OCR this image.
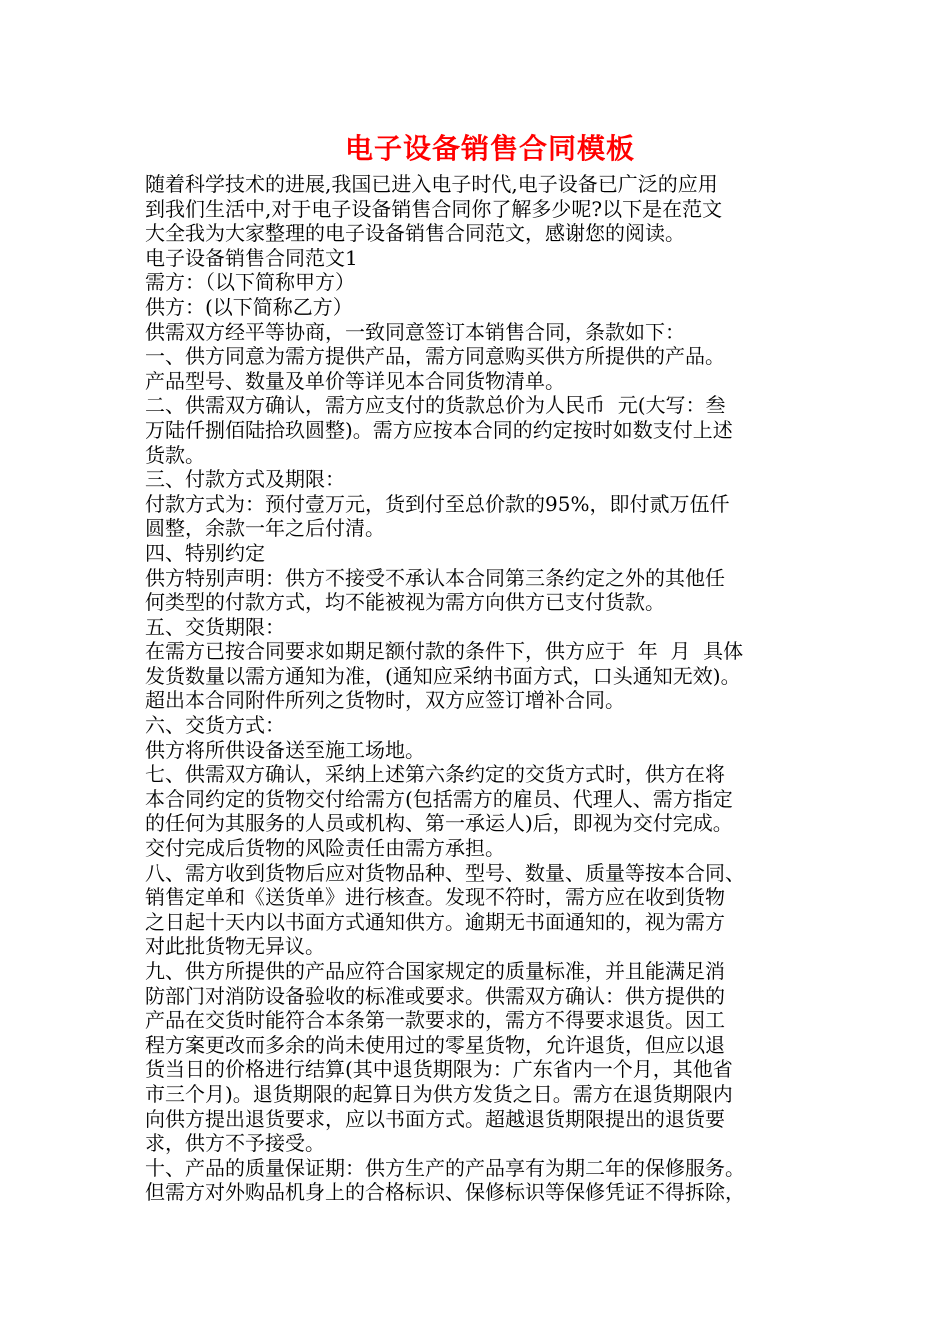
电子设备销售合同模板

随着科学技术的进展,我国已进入电子时代,电子设备已广泛的应用

到我们生活中,对于电子设备销售合同你了解多少呢?以下是在范文

大全我为大家整理的电子设备销售合同范文，感谢您的阅读。

电子设备销售合同范文1

需方：（以下简称甲方）

供方：(以下简称乙方）

供需双方经平等协商，一致同意签订本销售合同，条款如下：

一、供方同意为需方提供产品，需方同意购买供方所提供的产品。

产品型号、数量及单价等详见本合同货物清单。

二、供需双方确认，需方应支付的货款总价为人民币  元(大写：叁

万陆仟捌佰陆拾玖圆整)。需方应按本合同的约定按时如数支付上述

货款。

三、付款方式及期限：

付款方式为：预付壹万元，货到付至总价款的95%，即付贰万伍仟

圆整，余款一年之后付清。

四、特别约定

供方特别声明：供方不接受不承认本合同第三条约定之外的其他任

何类型的付款方式，均不能被视为需方向供方已支付货款。

五、交货期限：

在需方已按合同要求如期足额付款的条件下，供方应于  年  月  具体

发货数量以需方通知为准，(通知应采纳书面方式，口头通知无效)。

超出本合同附件所列之货物时，双方应签订增补合同。

六、交货方式：

供方将所供设备送至施工场地。

七、供需双方确认，采纳上述第六条约定的交货方式时，供方在将

本合同约定的货物交付给需方(包括需方的雇员、代理人、需方指定

的任何为其服务的人员或机构、第一承运人)后，即视为交付完成。

交付完成后货物的风险责任由需方承担。

八、需方收到货物后应对货物品种、型号、数量、质量等按本合同、

销售定单和《送货单》进行核查。发现不符时，需方应在收到货物

之日起十天内以书面方式通知供方。逾期无书面通知的，视为需方

对此批货物无异议。

九、供方所提供的产品应符合国家规定的质量标准，并且能满足消

防部门对消防设备验收的标准或要求。供需双方确认：供方提供的

产品在交货时能符合本条第一款要求的，需方不得要求退货。因工

程方案更改而多余的尚未使用过的零星货物，允许退货，但应以退

货当日的价格进行结算(其中退货期限为：广东省内一个月，其他省

市三个月)。退货期限的起算日为供方发货之日。需方在退货期限内

向供方提出退货要求，应以书面方式。超越退货期限提出的退货要

求，供方不予接受。

十、产品的质量保证期：供方生产的产品享有为期二年的保修服务。

但需方对外购品机身上的合格标识、保修标识等保修凭证不得拆除，
